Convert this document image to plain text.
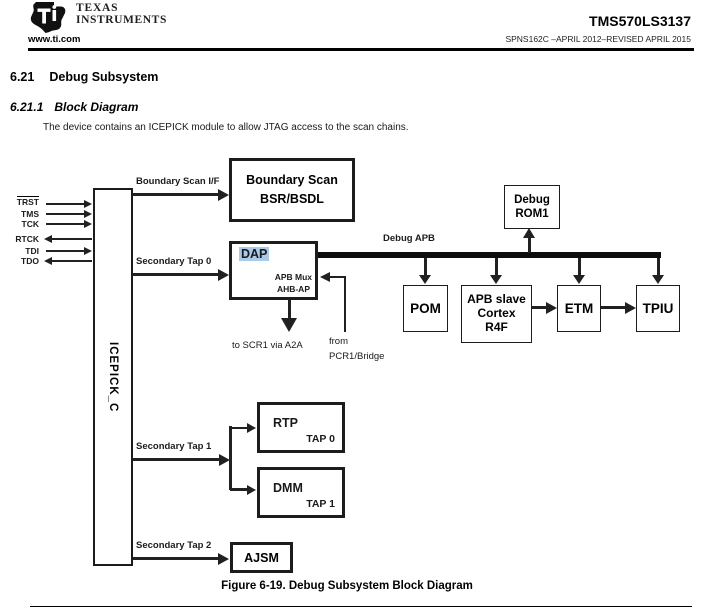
TEXAS
INSTRUMENTS	TMS570LS3137
www.ti.com	SPNS162C –APRIL 2012–REVISED APRIL 2015
6.21 Debug Subsystem
6.21.1 Block Diagram
The device contains an ICEPICK module to allow JTAG access to the scan chains.
ICEPICK_C
TRST
TMS
TCK
RTCK
TDI
TDO
Boundary Scan I/F Boundary Scan
BSR/BSDL
Secondary Tap 0
DAP
APB Mux
AHB-AP
to SCR1 via A2A	from
PCR1/Bridge
Debug APB
Debug
ROM1
POM
APB slave
Cortex
R4F
ETM	TPIU
Secondary Tap 1
RTP
TAP 0
DMM
TAP 1
Secondary Tap 2
AJSM
Figure 6-19. Debug Subsystem Block Diagram
